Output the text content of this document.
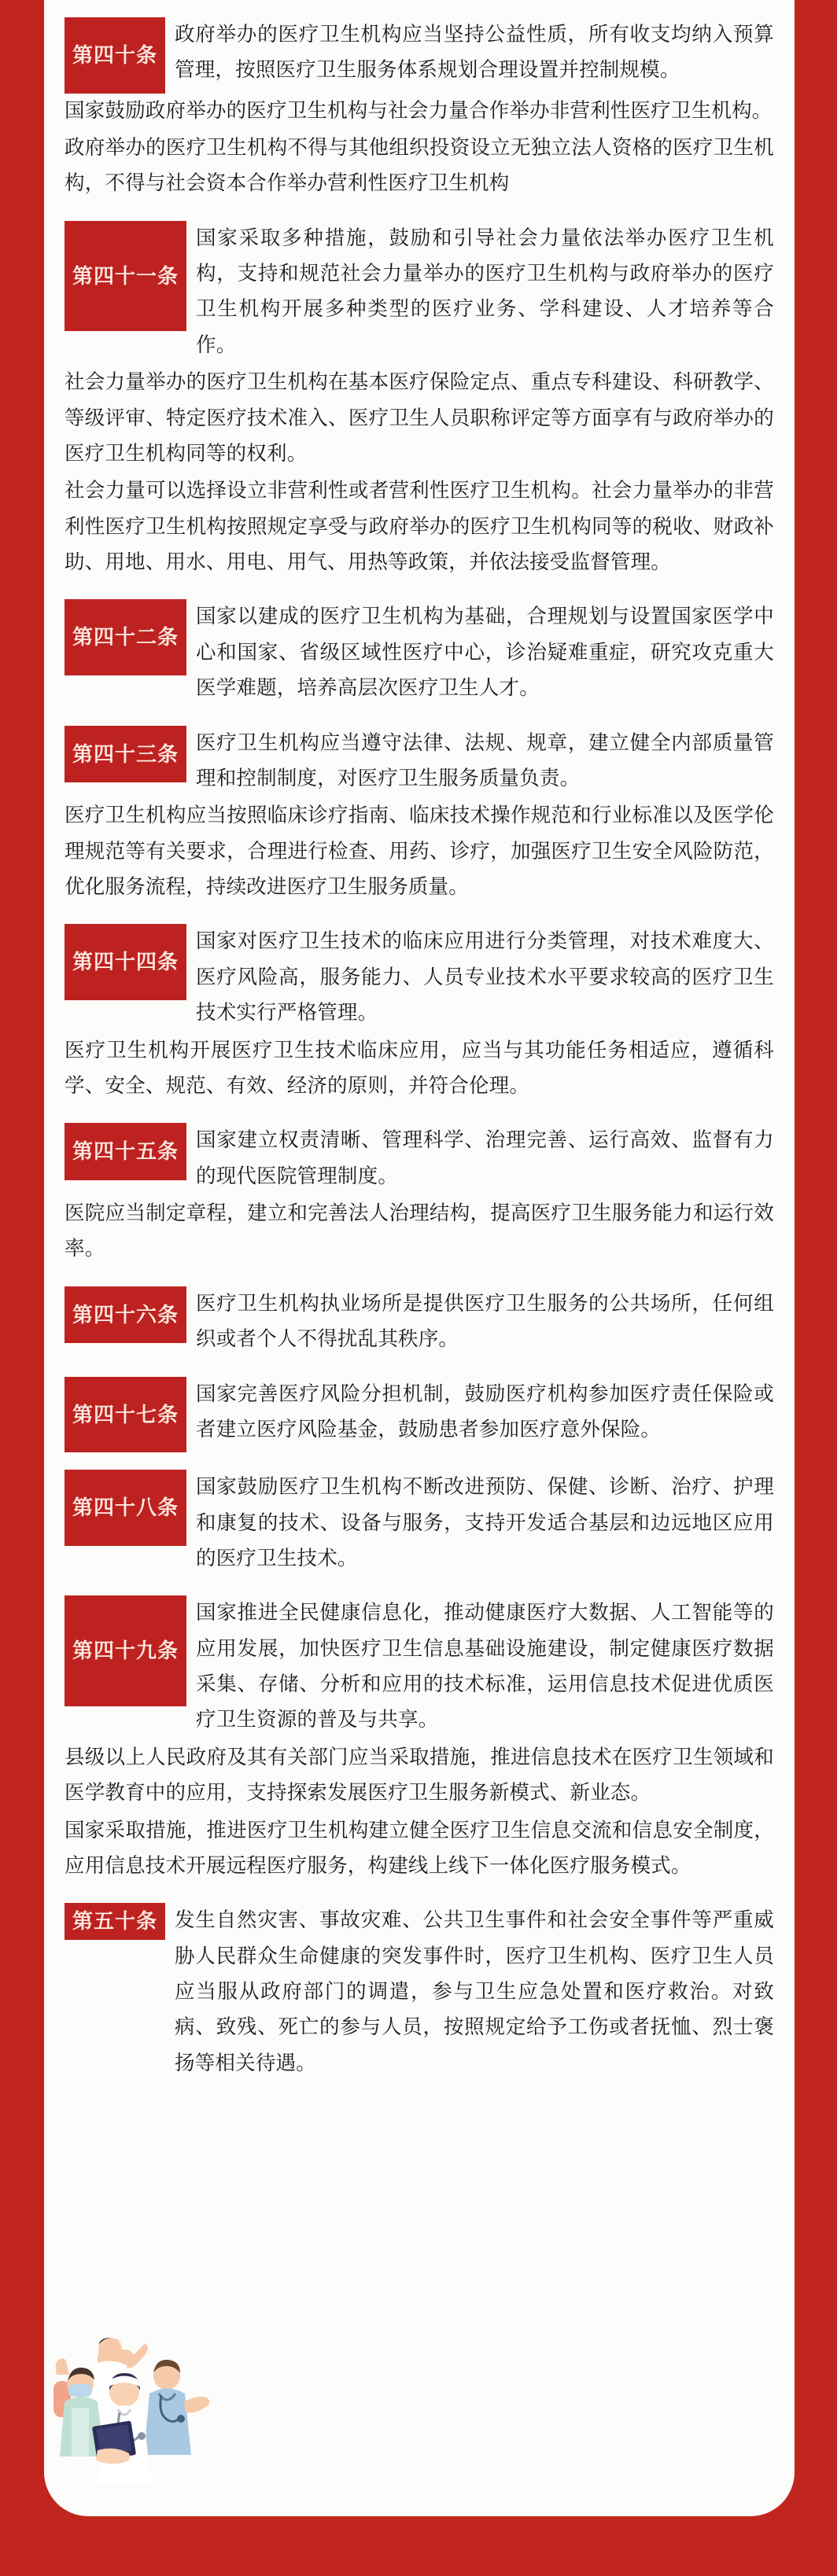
第四十条

政府举办的医疗卫生机构应当坚持公益性质，所有收支均纳入预算管理，按照医疗卫生服务体系规划合理设置并控制规模。

国家鼓励政府举办的医疗卫生机构与社会力量合作举办非营利性医疗卫生机构。

政府举办的医疗卫生机构不得与其他组织投资设立无独立法人资格的医疗卫生机构，不得与社会资本合作举办营利性医疗卫生机构

第四十一条

国家采取多种措施，鼓励和引导社会力量依法举办医疗卫生机构，支持和规范社会力量举办的医疗卫生机构与政府举办的医疗卫生机构开展多种类型的医疗业务、学科建设、人才培养等合作。

社会力量举办的医疗卫生机构在基本医疗保险定点、重点专科建设、科研教学、等级评审、特定医疗技术准入、医疗卫生人员职称评定等方面享有与政府举办的医疗卫生机构同等的权利。

社会力量可以选择设立非营利性或者营利性医疗卫生机构。社会力量举办的非营利性医疗卫生机构按照规定享受与政府举办的医疗卫生机构同等的税收、财政补助、用地、用水、用电、用气、用热等政策，并依法接受监督管理。

第四十二条

国家以建成的医疗卫生机构为基础，合理规划与设置国家医学中心和国家、省级区域性医疗中心，诊治疑难重症，研究攻克重大医学难题，培养高层次医疗卫生人才。

第四十三条 医疗卫生机构应当遵守法律、法规、规章，建立健全内部质量管理和控制制度，对医疗卫生服务质量负责。

医疗卫生机构应当按照临床诊疗指南、临床技术操作规范和行业标准以及医学伦理规范等有关要求，合理进行检查、用药、诊疗，加强医疗卫生安全风险防范，优化服务流程，持续改进医疗卫生服务质量。

第四十四条

国家对医疗卫生技术的临床应用进行分类管理，对技术难度大、医疗风险高，服务能力、人员专业技术水平要求较高的医疗卫生技术实行严格管理。

医疗卫生机构开展医疗卫生技术临床应用，应当与其功能任务相适应，遵循科学、安全、规范、有效、经济的原则，并符合伦理。

第四十五条 国家建立权责清晰、管理科学、治理完善、运行高效、监督有力的现代医院管理制度。

医院应当制定章程，建立和完善法人治理结构，提高医疗卫生服务能力和运行效率。

第四十六条 医疗卫生机构执业场所是提供医疗卫生服务的公共场所，任何组织或者个人不得扰乱其秩序。

第四十七条

国家完善医疗风险分担机制，鼓励医疗机构参加医疗责任保险或者建立医疗风险基金，鼓励患者参加医疗意外保险。

第四十八条

国家鼓励医疗卫生机构不断改进预防、保健、诊断、治疗、护理和康复的技术、设备与服务，支持开发适合基层和边远地区应用的医疗卫生技术。

第四十九条

国家推进全民健康信息化，推动健康医疗大数据、人工智能等的应用发展，加快医疗卫生信息基础设施建设，制定健康医疗数据采集、存储、分析和应用的技术标准，运用信息技术促进优质医疗卫生资源的普及与共享。

县级以上人民政府及其有关部门应当采取措施，推进信息技术在医疗卫生领域和医学教育中的应用，支持探索发展医疗卫生服务新模式、新业态。

国家采取措施，推进医疗卫生机构建立健全医疗卫生信息交流和信息安全制度，应用信息技术开展远程医疗服务，构建线上线下一体化医疗服务模式。

第五十条 发生自然灾害、事故灾难、公共卫生事件和社会安全事件等严重威胁人民群众生命健康的突发事件时，医疗卫生机构、医疗卫生人员应当服从政府部门的调遣，参与卫生应急处置和医疗救治。对致病、致残、死亡的参与人员，按照规定给予工伤或者抚恤、烈士褒扬等相关待遇。
